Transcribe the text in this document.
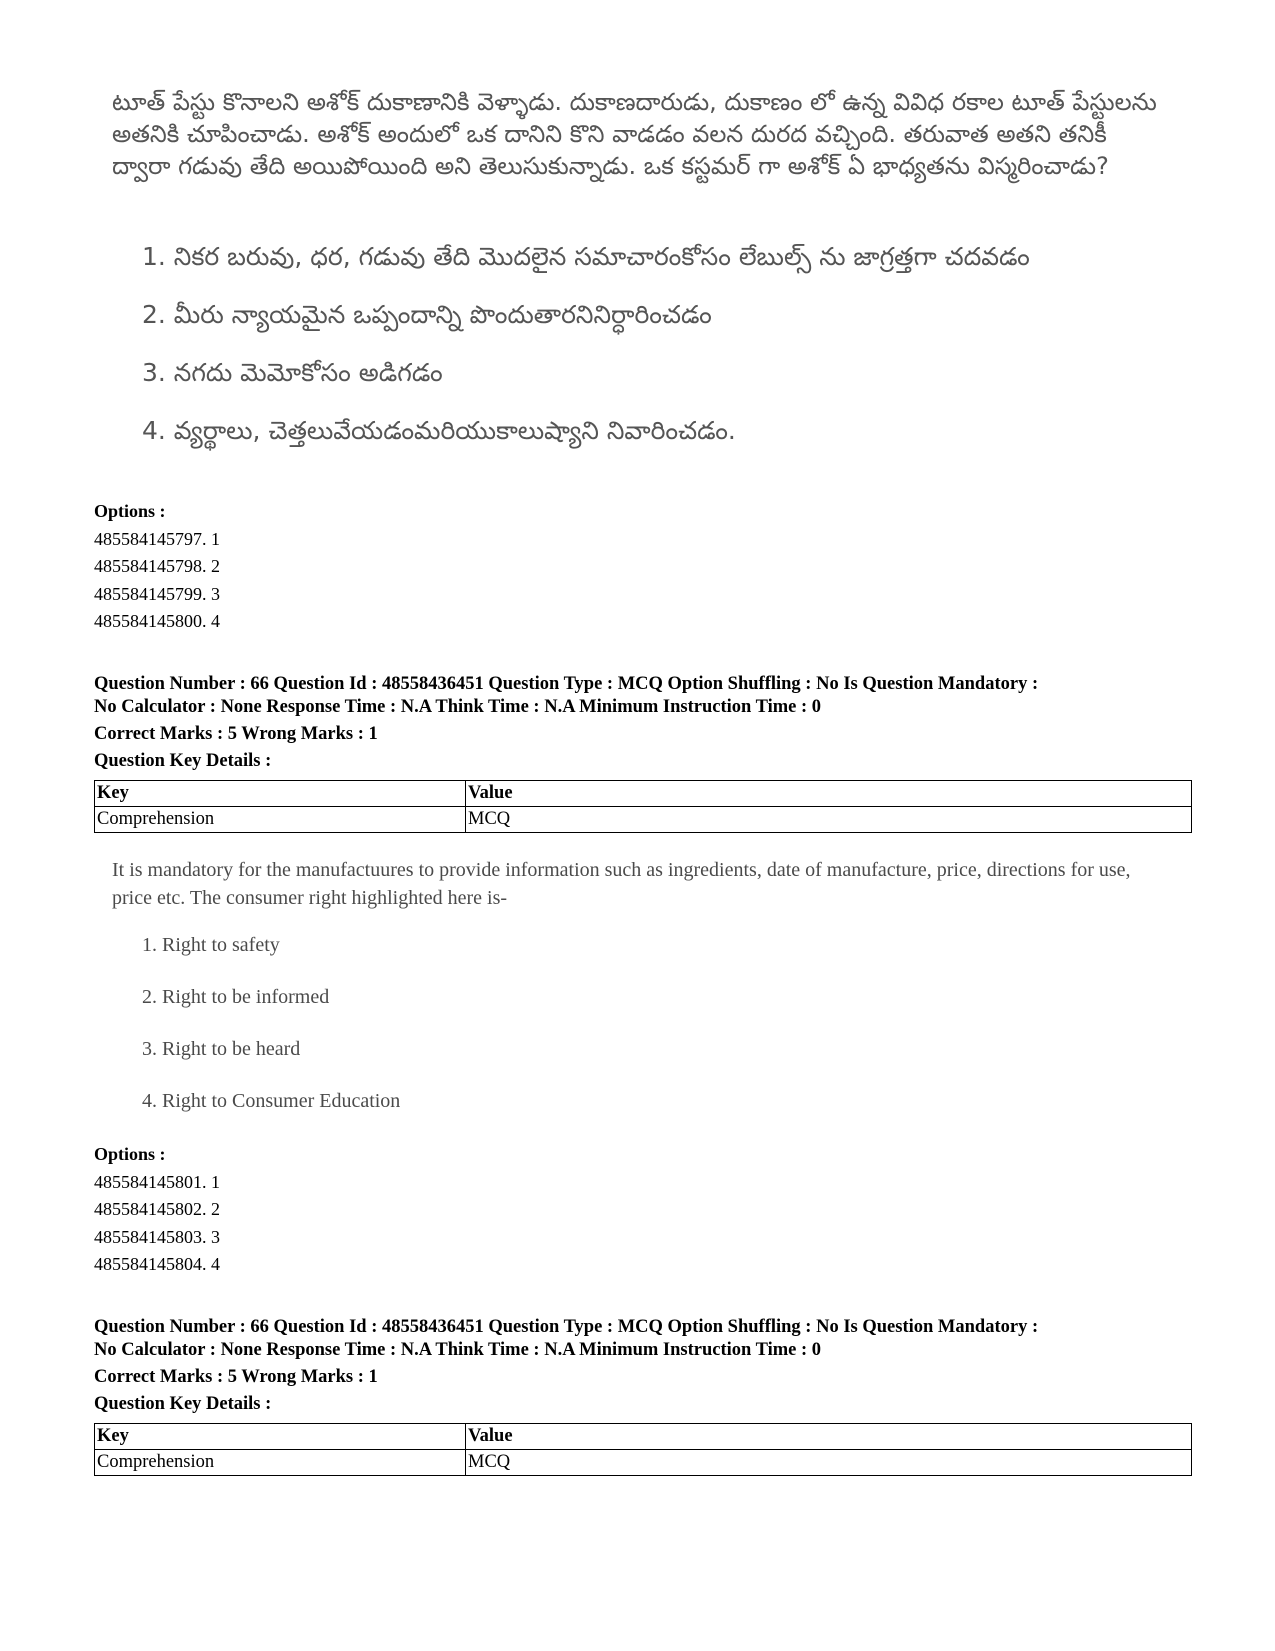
టూత్ పేస్టు కొనాలని అశోక్ దుకాణానికి వెళ్ళాడు. దుకాణదారుడు, దుకాణం లో ఉన్న వివిధ రకాల టూత్ పేస్టులను అతనికి చూపించాడు. అశోక్ అందులో ఒక దానిని కొని వాడడం వలన దురద వచ్చింది. తరువాత అతని తనికీ ద్వారా గడువు తేది అయిపోయింది అని తెలుసుకున్నాడు. ఒక కస్టమర్ గా అశోక్ ఏ భాధ్యతను విస్మరించాడు?

1. నికర బరువు, ధర, గడువు తేది మొదలైన సమాచారంకోసం లేబుల్స్ ను జాగ్రత్తగా చదవడం
2. మీరు న్యాయమైన ఒప్పందాన్ని పొందుతారనినిర్ధారించడం
3. నగదు మెమోకోసం అడిగడం
4. వ్యర్థాలు, చెత్తలువేయడంమరియుకాలుష్యాని నివారించడం.
Options :
485584145797. 1
485584145798. 2
485584145799. 3
485584145800. 4
Question Number : 66 Question Id : 48558436451 Question Type : MCQ Option Shuffling : No Is Question Mandatory :
No Calculator : None Response Time : N.A Think Time : N.A Minimum Instruction Time : 0
Correct Marks : 5 Wrong Marks : 1
Question Key Details :
Key	Value
Comprehension	MCQ

It is mandatory for the manufactuures to provide information such as ingredients, date of manufacture, price, directions for use, price etc. The consumer right highlighted here is-

1. Right to safety
2. Right to be informed
3. Right to be heard
4. Right to Consumer Education
Options :
485584145801. 1
485584145802. 2
485584145803. 3
485584145804. 4
Question Number : 66 Question Id : 48558436451 Question Type : MCQ Option Shuffling : No Is Question Mandatory :
No Calculator : None Response Time : N.A Think Time : N.A Minimum Instruction Time : 0
Correct Marks : 5 Wrong Marks : 1
Question Key Details :
Key	Value
Comprehension	MCQ
